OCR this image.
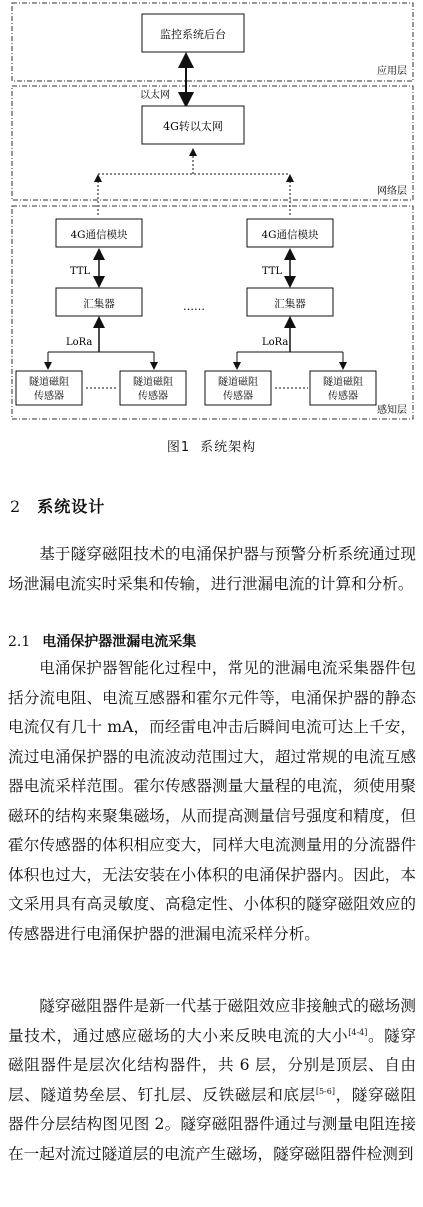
应用层
网络层
感知层
监控系统后台
以太网
4G转以太网
4G通信模块	4G通信模块
TTL	TTL
汇集器	汇集器
……
LoRa	LoRa
隧道磁阻
传感器
隧道磁阻
传感器
隧道磁阻
传感器
隧道磁阻
传感器
图1 系统架构
2 系统设计

基于隧穿磁阻技术的电涌保护器与预警分析系统通过现场泄漏电流实时采集和传输，进行泄漏电流的计算和分析。

2.1 电涌保护器泄漏电流采集

电涌保护器智能化过程中，常见的泄漏电流采集器件包括分流电阻、电流互感器和霍尔元件等，电涌保护器的静态电流仅有几十 mA，而经雷电冲击后瞬间电流可达上千安，流过电涌保护器的电流波动范围过大，超过常规的电流互感器电流采样范围。霍尔传感器测量大量程的电流，须使用聚磁环的结构来聚集磁场，从而提高测量信号强度和精度，但霍尔传感器的体积相应变大，同样大电流测量用的分流器件体积也过大，无法安装在小体积的电涌保护器内。因此，本文采用具有高灵敏度、高稳定性、小体积的隧穿磁阻效应的传感器进行电涌保护器的泄漏电流采样分析。

隧穿磁阻器件是新一代基于磁阻效应非接触式的磁场测量技术，通过感应磁场的大小来反映电流的大小[4-4]。隧穿磁阻器件是层次化结构器件，共 6 层，分别是顶层、自由层、隧道势垒层、钉扎层、反铁磁层和底层[5-6]，隧穿磁阻器件分层结构图见图 2。隧穿磁阻器件通过与测量电阻连接在一起对流过隧道层的电流产生磁场，隧穿磁阻器件检测到
